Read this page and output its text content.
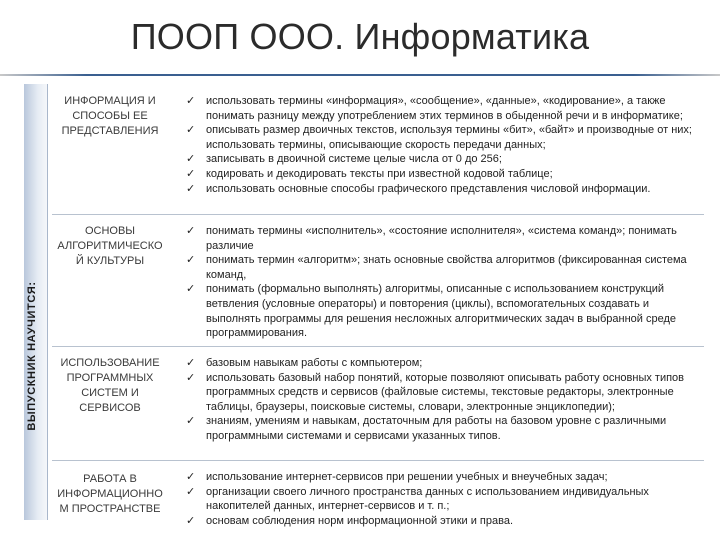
ПООП ООО. Информатика
ВЫПУСКНИК НАУЧИТСЯ:
ИНФОРМАЦИЯ И СПОСОБЫ ЕЕ ПРЕДСТАВЛЕНИЯ
✓ использовать термины «информация», «сообщение», «данные», «кодирование», а также понимать разницу между употреблением этих терминов в обыденной речи и в информатике;
✓ описывать размер двоичных текстов, используя термины «бит», «байт» и производные от них; использовать термины, описывающие скорость передачи данных;
✓ записывать в двоичной системе целые числа от 0 до 256;
✓ кодировать и декодировать тексты при известной кодовой таблице;
✓ использовать основные способы графического представления числовой информации.
ОСНОВЫ АЛГОРИТМИЧЕСКО Й КУЛЬТУРЫ
✓ понимать термины «исполнитель», «состояние исполнителя», «система команд»; понимать различие
✓ понимать термин «алгоритм»; знать основные свойства алгоритмов (фиксированная система команд,
✓ понимать (формально выполнять) алгоритмы, описанные с использованием конструкций ветвления (условные операторы) и повторения (циклы), вспомогательных создавать и выполнять программы для решения несложных алгоритмических задач в выбранной среде программирования.
ИСПОЛЬЗОВАНИЕ ПРОГРАММНЫХ СИСТЕМ И СЕРВИСОВ
✓ базовым навыкам работы с компьютером;
✓ использовать базовый набор понятий, которые позволяют описывать работу основных типов программных средств и сервисов (файловые системы, текстовые редакторы, электронные таблицы, браузеры, поисковые системы, словари, электронные энциклопедии);
✓ знаниям, умениям и навыкам, достаточным для работы на базовом уровне с различными программными системами и сервисами указанных типов.
РАБОТА В ИНФОРМАЦИОННО М ПРОСТРАНСТВЕ
✓ использование интернет-сервисов при решении учебных и внеучебных задач;
✓ организации своего личного пространства данных с использованием индивидуальных накопителей данных, интернет-сервисов и т. п.;
✓ основам соблюдения норм информационной этики и права.
